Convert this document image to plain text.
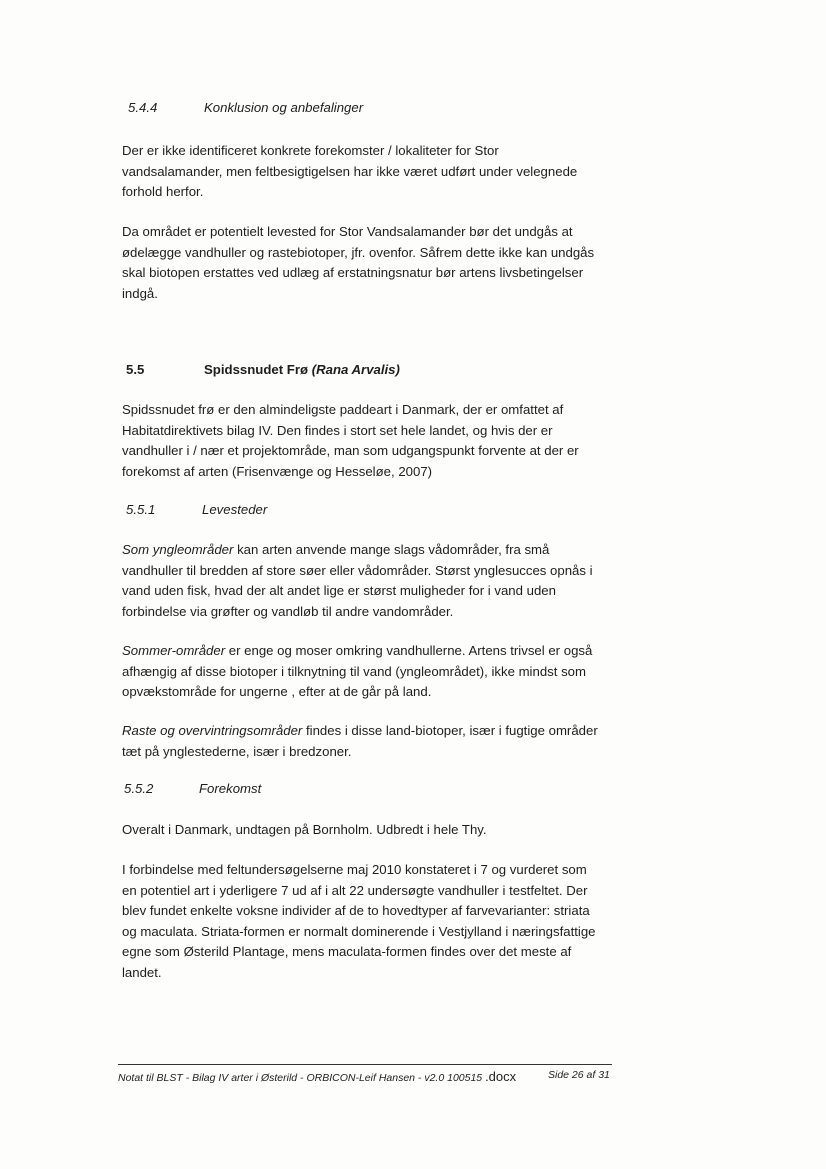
5.4.4	Konklusion og anbefalinger

Der er ikke identificeret konkrete forekomster / lokaliteter for Stor

vandsalamander, men feltbesigtigelsen har ikke været udført under velegnede

forhold herfor.

Da området er potentielt levested for Stor Vandsalamander bør det undgås at

ødelægge vandhuller og rastebiotoper, jfr. ovenfor. Såfrem dette ikke kan undgås

skal biotopen erstattes ved udlæg af erstatningsnatur bør artens livsbetingelser

indgå.

5.5	Spidssnudet Frø (Rana Arvalis)

Spidssnudet frø er den almindeligste paddeart i Danmark, der er omfattet af

Habitatdirektivets bilag IV. Den findes i stort set hele landet, og hvis der er

vandhuller i / nær et projektområde, man som udgangspunkt forvente at der er

forekomst af arten (Frisenvænge og Hesseløe, 2007)

5.5.1	Levesteder

Som yngleområder kan arten anvende mange slags vådområder, fra små

vandhuller til bredden af store søer eller vådområder. Størst ynglesucces opnås i

vand uden fisk, hvad der alt andet lige er størst muligheder for i vand uden

forbindelse via grøfter og vandløb til andre vandområder.

Sommer-områder er enge og moser omkring vandhullerne. Artens trivsel er også

afhængig af disse biotoper i tilknytning til vand (yngleområdet), ikke mindst som

opvækstområde for ungerne , efter at de går på land.

Raste og overvintringsområder findes i disse land-biotoper, især i fugtige områder

tæt på ynglestederne, især i bredzoner.

5.5.2	Forekomst

Overalt i Danmark, undtagen på Bornholm. Udbredt i hele Thy.

I forbindelse med feltundersøgelserne maj 2010 konstateret i 7 og vurderet som

en potentiel art i yderligere 7 ud af i alt 22 undersøgte vandhuller i testfeltet. Der

blev fundet enkelte voksne individer af de to hovedtyper af farvevarianter: striata

og maculata. Striata-formen er normalt dominerende i Vestjylland i næringsfattige

egne som Østerild Plantage, mens maculata-formen findes over det meste af

landet.

Notat til BLST - Bilag IV arter i Østerild - ORBICON-Leif Hansen - v2.0 100515 .docx	Side 26 af 31
